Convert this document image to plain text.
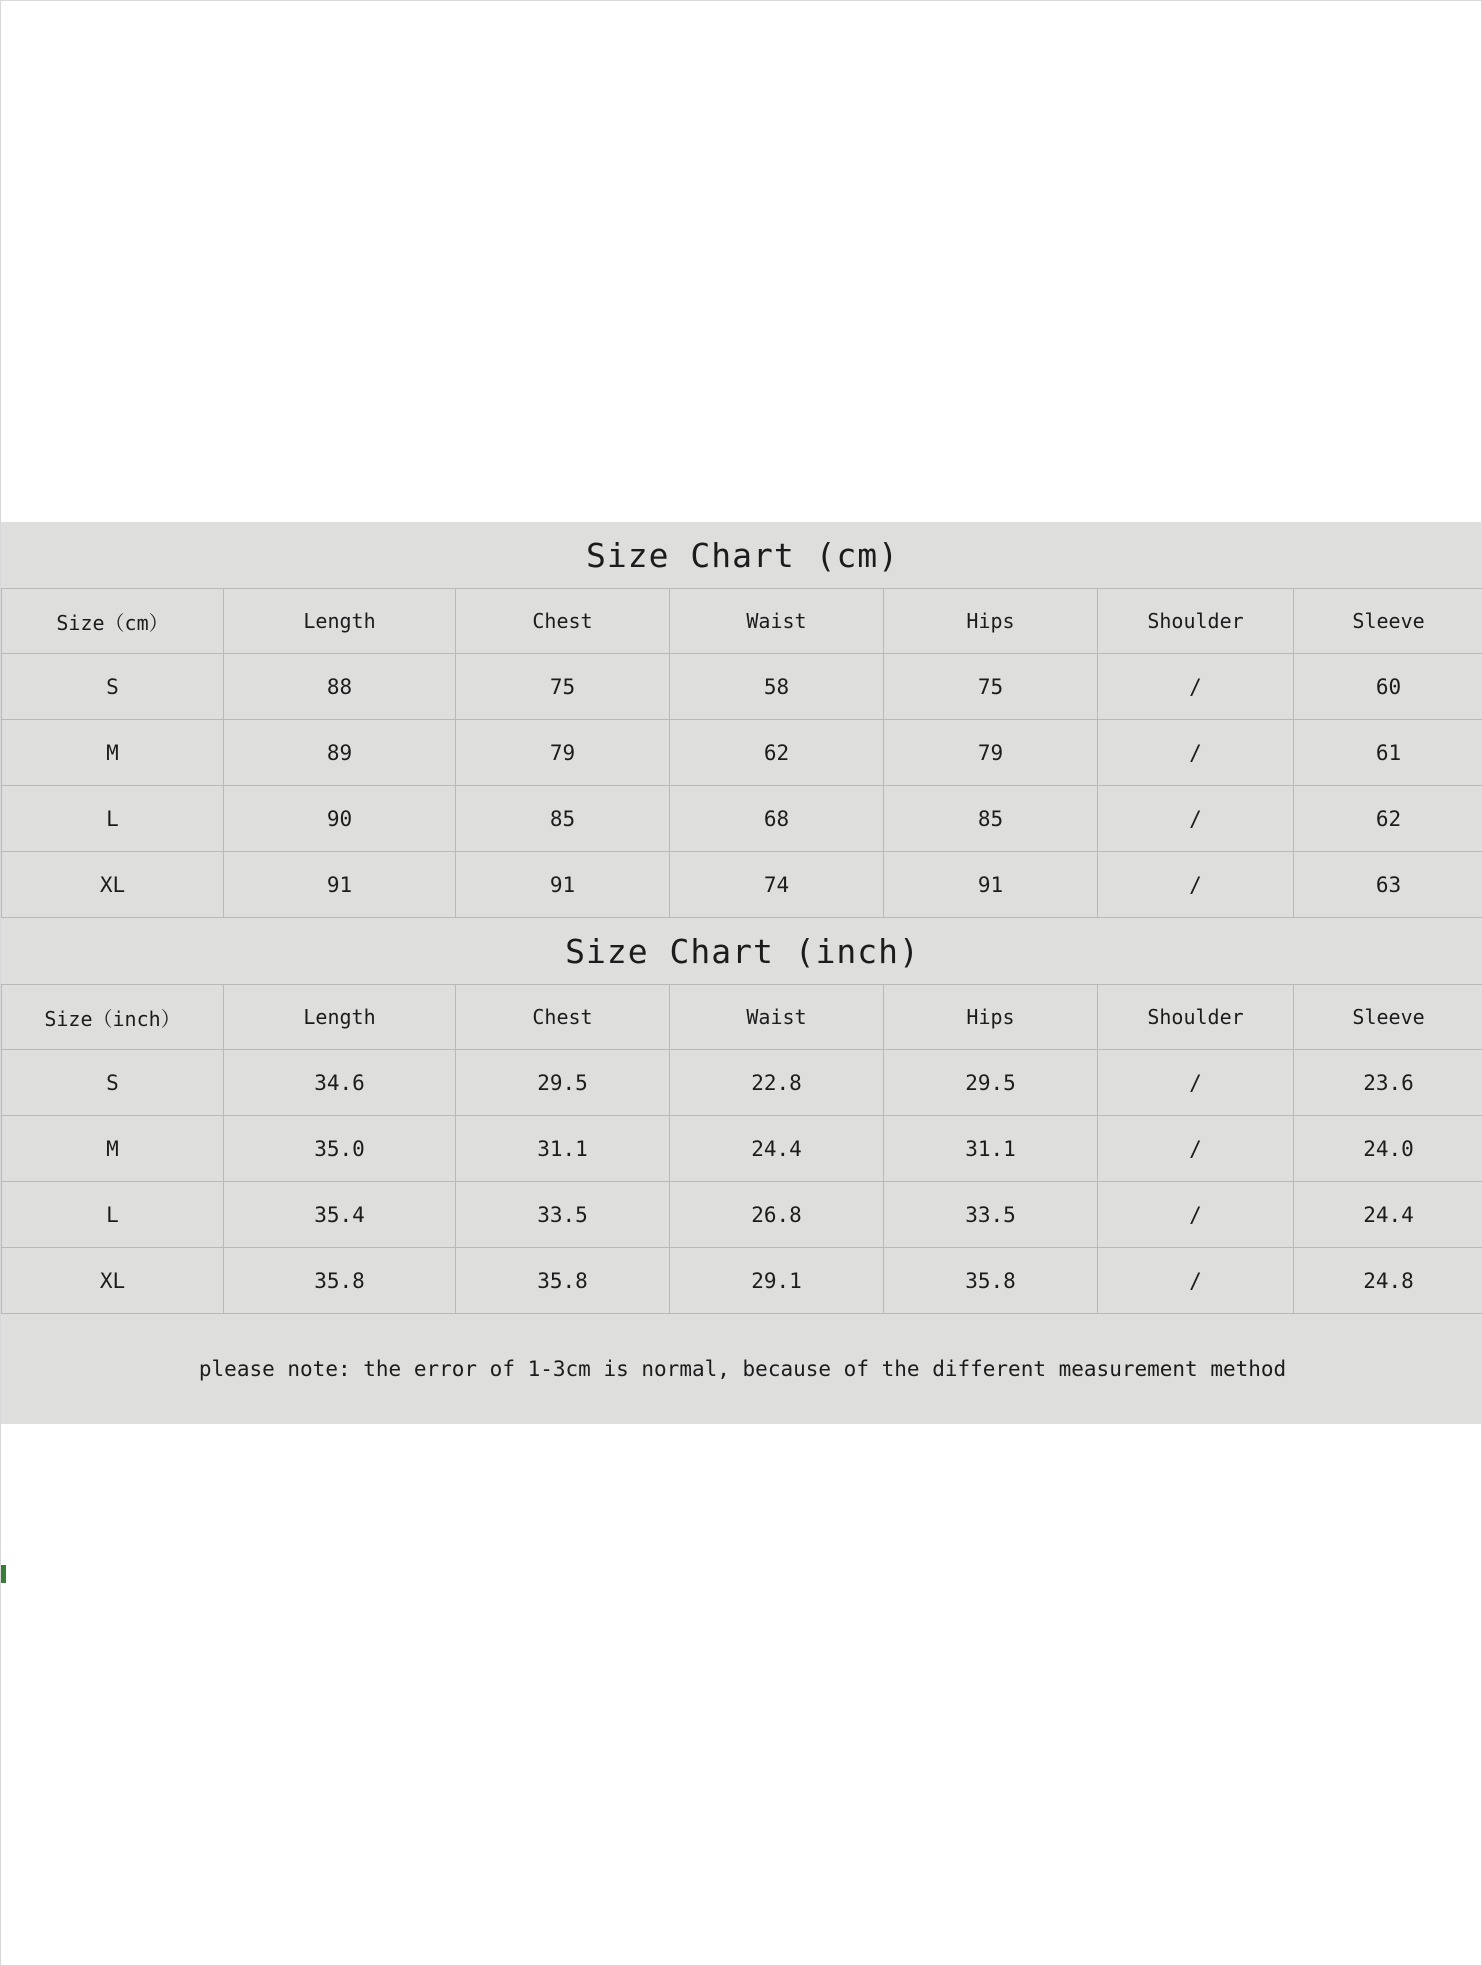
Size Chart (cm)						
Size（cm）	Length	Chest	Waist	Hips	Shoulder	Sleeve
S	88	75	58	75	/	60
M	89	79	62	79	/	61
L	90	85	68	85	/	62
XL	91	91	74	91	/	63
Size Chart (inch)						
Size（inch）	Length	Chest	Waist	Hips	Shoulder	Sleeve
S	34.6	29.5	22.8	29.5	/	23.6
M	35.0	31.1	24.4	31.1	/	24.0
L	35.4	33.5	26.8	33.5	/	24.4
XL	35.8	35.8	29.1	35.8	/	24.8
please note: the error of 1-3cm is normal, because of the different measurement method						
